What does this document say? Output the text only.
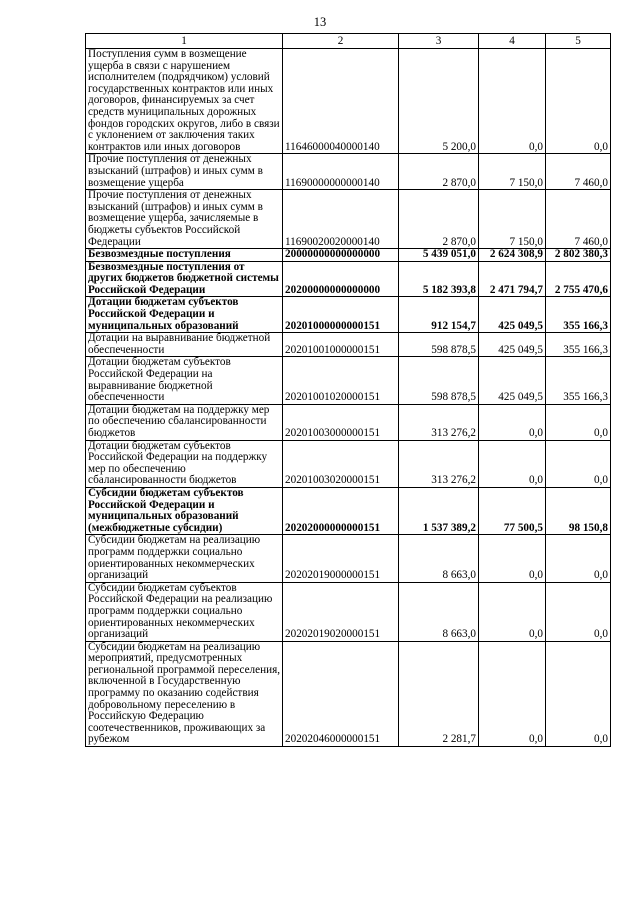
13
1	2	3	4	5
Поступления сумм в возмещение ущерба в связи с нарушением исполнителем (подрядчиком) условий государственных контрактов или иных договоров, финансируемых за счет средств муниципальных дорожных фондов городских округов, либо в связи с уклонением от заключения таких контрактов или иных договоров	11646000040000140	5 200,0	0,0	0,0
Прочие поступления от денежных взысканий (штрафов) и иных сумм в возмещение ущерба	11690000000000140	2 870,0	7 150,0	7 460,0
Прочие поступления от денежных взысканий (штрафов) и иных сумм в возмещение ущерба, зачисляемые в бюджеты субъектов Российской Федерации	11690020020000140	2 870,0	7 150,0	7 460,0
Безвозмездные поступления	20000000000000000	5 439 051,0	2 624 308,9	2 802 380,3
Безвозмездные поступления от других бюджетов бюджетной системы Российской Федерации	20200000000000000	5 182 393,8	2 471 794,7	2 755 470,6
Дотации бюджетам субъектов Российской Федерации и муниципальных образований	20201000000000151	912 154,7	425 049,5	355 166,3
Дотации на выравнивание бюджетной обеспеченности	20201001000000151	598 878,5	425 049,5	355 166,3
Дотации бюджетам субъектов Российской Федерации на выравнивание бюджетной обеспеченности	20201001020000151	598 878,5	425 049,5	355 166,3
Дотации бюджетам на поддержку мер по обеспечению сбалансированности бюджетов	20201003000000151	313 276,2	0,0	0,0
Дотации бюджетам субъектов Российской Федерации на поддержку мер по обеспечению сбалансированности бюджетов	20201003020000151	313 276,2	0,0	0,0
Субсидии бюджетам субъектов Российской Федерации и муниципальных образований (межбюджетные субсидии)	20202000000000151	1 537 389,2	77 500,5	98 150,8
Субсидии бюджетам на реализацию программ поддержки социально ориентированных некоммерческих организаций	20202019000000151	8 663,0	0,0	0,0
Субсидии бюджетам субъектов Российской Федерации на реализацию программ поддержки социально ориентированных некоммерческих организаций	20202019020000151	8 663,0	0,0	0,0
Субсидии бюджетам на реализацию мероприятий, предусмотренных региональной программой переселения, включенной в Государственную программу по оказанию содействия добровольному переселению в Российскую Федерацию соотечественников, проживающих за рубежом	20202046000000151	2 281,7	0,0	0,0
